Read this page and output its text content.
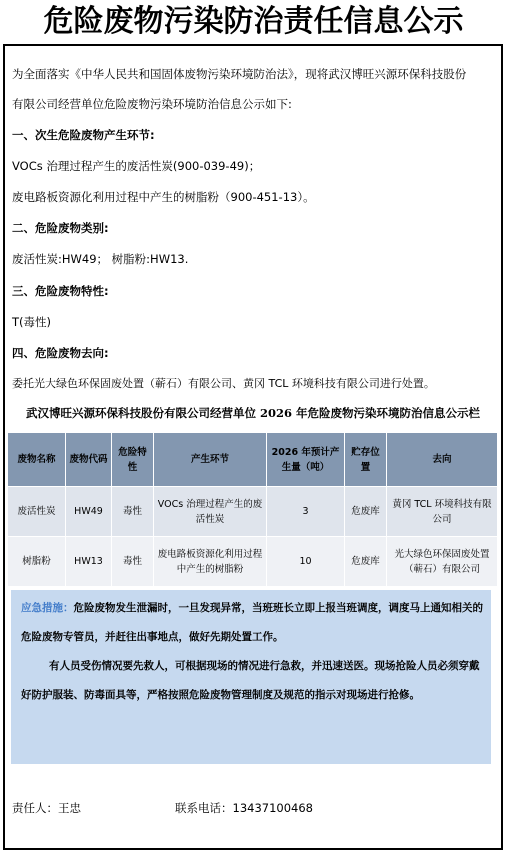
危险废物污染防治责任信息公示
为全面落实《中华人民共和国固体废物污染环境防治法》，现将武汉博旺兴源环保科技股份
有限公司经营单位危险废物污染环境防治信息公示如下:
一、次生危险废物产生环节:
VOCs 治理过程产生的废活性炭(900-039-49)；
废电路板资源化利用过程中产生的树脂粉（900-451-13）。
二、危险废物类别:
废活性炭:HW49； 树脂粉:HW13.
三、危险废物特性:
T(毒性)
四、危险废物去向:
委托光大绿色环保固废处置（蕲石）有限公司、黄冈 TCL 环境科技有限公司进行处置。
武汉博旺兴源环保科技股份有限公司经营单位 2026 年危险废物污染环境防治信息公示栏
废物名称	废物代码	危险特性	产生环节	2026 年预计产生量（吨）	贮存位置	去向
废活性炭	HW49	毒性	VOCs 治理过程产生的废活性炭	3	危废库	黄冈 TCL 环境科技有限公司
树脂粉	HW13	毒性	废电路板资源化利用过程中产生的树脂粉	10	危废库	光大绿色环保固废处置（蕲石）有限公司
应急措施：危险废物发生泄漏时，一旦发现异常，当班班长立即上报当班调度，调度马上通知相关的危险废物专管员，并赶往出事地点，做好先期处置工作。
有人员受伤情况要先救人，可根据现场的情况进行急救，并迅速送医。现场抢险人员必须穿戴好防护服装、防毒面具等，严格按照危险废物管理制度及规范的指示对现场进行抢修。
责任人：王忠	联系电话：13437100468
